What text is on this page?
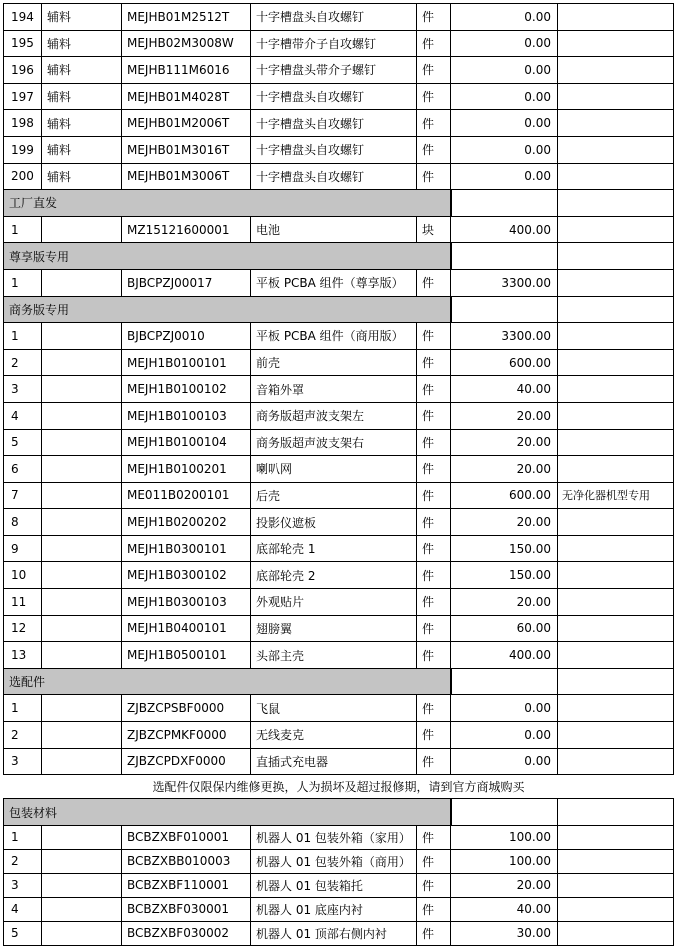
194	辅料	MEJHB01M2512T	十字槽盘头自攻螺钉	件	0.00	
195	辅料	MEJHB02M3008W	十字槽带介子自攻螺钉	件	0.00	
196	辅料	MEJHB111M6016	十字槽盘头带介子螺钉	件	0.00	
197	辅料	MEJHB01M4028T	十字槽盘头自攻螺钉	件	0.00	
198	辅料	MEJHB01M2006T	十字槽盘头自攻螺钉	件	0.00	
199	辅料	MEJHB01M3016T	十字槽盘头自攻螺钉	件	0.00	
200	辅料	MEJHB01M3006T	十字槽盘头自攻螺钉	件	0.00	
工厂直发						
1		MZ15121600001	电池	块	400.00	
尊享版专用						
1		BJBCPZJ00017	平板 PCBA 组件（尊享版）	件	3300.00	
商务版专用						
1		BJBCPZJ0010	平板 PCBA 组件（商用版）	件	3300.00	
2		MEJH1B0100101	前壳	件	600.00	
3		MEJH1B0100102	音箱外罩	件	40.00	
4		MEJH1B0100103	商务版超声波支架左	件	20.00	
5		MEJH1B0100104	商务版超声波支架右	件	20.00	
6		MEJH1B0100201	喇叭网	件	20.00	
7		ME011B0200101	后壳	件	600.00	无净化器机型专用
8		MEJH1B0200202	投影仪遮板	件	20.00	
9		MEJH1B0300101	底部轮壳 1	件	150.00	
10		MEJH1B0300102	底部轮壳 2	件	150.00	
11		MEJH1B0300103	外观贴片	件	20.00	
12		MEJH1B0400101	翅膀翼	件	60.00	
13		MEJH1B0500101	头部主壳	件	400.00	
选配件						
1		ZJBZCPSBF0000	飞鼠	件	0.00	
2		ZJBZCPMKF0000	无线麦克	件	0.00	
3		ZJBZCPDXF0000	直插式充电器	件	0.00	
选配件仅限保内维修更换，人为损坏及超过报修期，请到官方商城购买						
包装材料						
1		BCBZXBF010001	机器人 01 包装外箱（家用）	件	100.00	
2		BCBZXBB010003	机器人 01 包装外箱（商用）	件	100.00	
3		BCBZXBF110001	机器人 01 包装箱托	件	20.00	
4		BCBZXBF030001	机器人 01 底座内衬	件	40.00	
5		BCBZXBF030002	机器人 01 顶部右侧内衬	件	30.00	
